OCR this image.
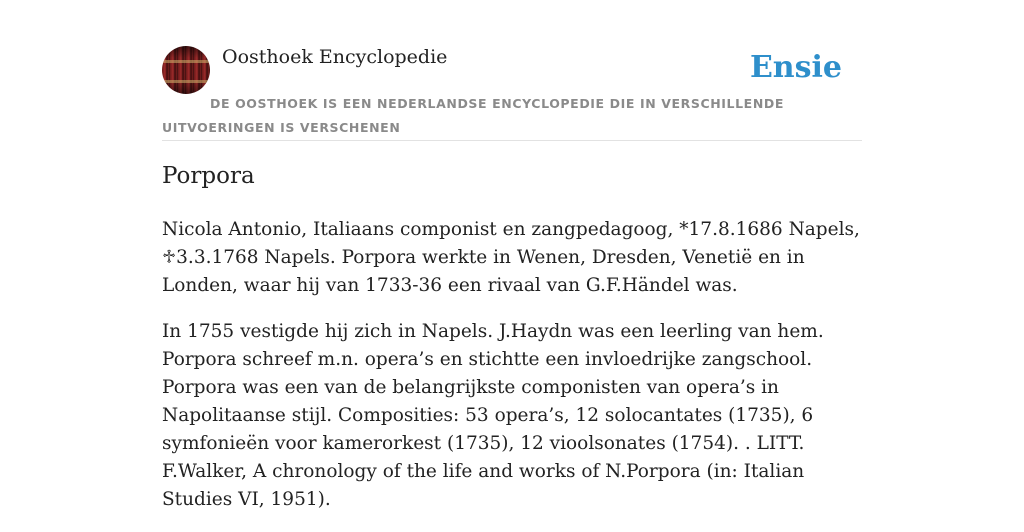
Oosthoek Encyclopedie	Ensie
DE OOSTHOEK IS EEN NEDERLANDSE ENCYCLOPEDIE DIE IN VERSCHILLENDE UITVOERINGEN IS VERSCHENEN
Porpora

Nicola Antonio, Italiaans componist en zangpedagoog, *17.8.1686 Napels, ♱3.3.1768 Napels. Porpora werkte in Wenen, Dresden, Venetië en in Londen, waar hij van 1733-36 een rivaal van G.F.Händel was.

In 1755 vestigde hij zich in Napels. J.Haydn was een leerling van hem. Porpora schreef m.n. opera’s en stichtte een invloedrijke zangschool. Porpora was een van de belangrijkste componisten van opera’s in Napolitaanse stijl. Composities: 53 opera’s, 12 solocantates (1735), 6 symfonieën voor kamerorkest (1735), 12 vioolsonates (1754). . LITT. F.Walker, A chronology of the life and works of N.Porpora (in: Italian Studies VI, 1951).
